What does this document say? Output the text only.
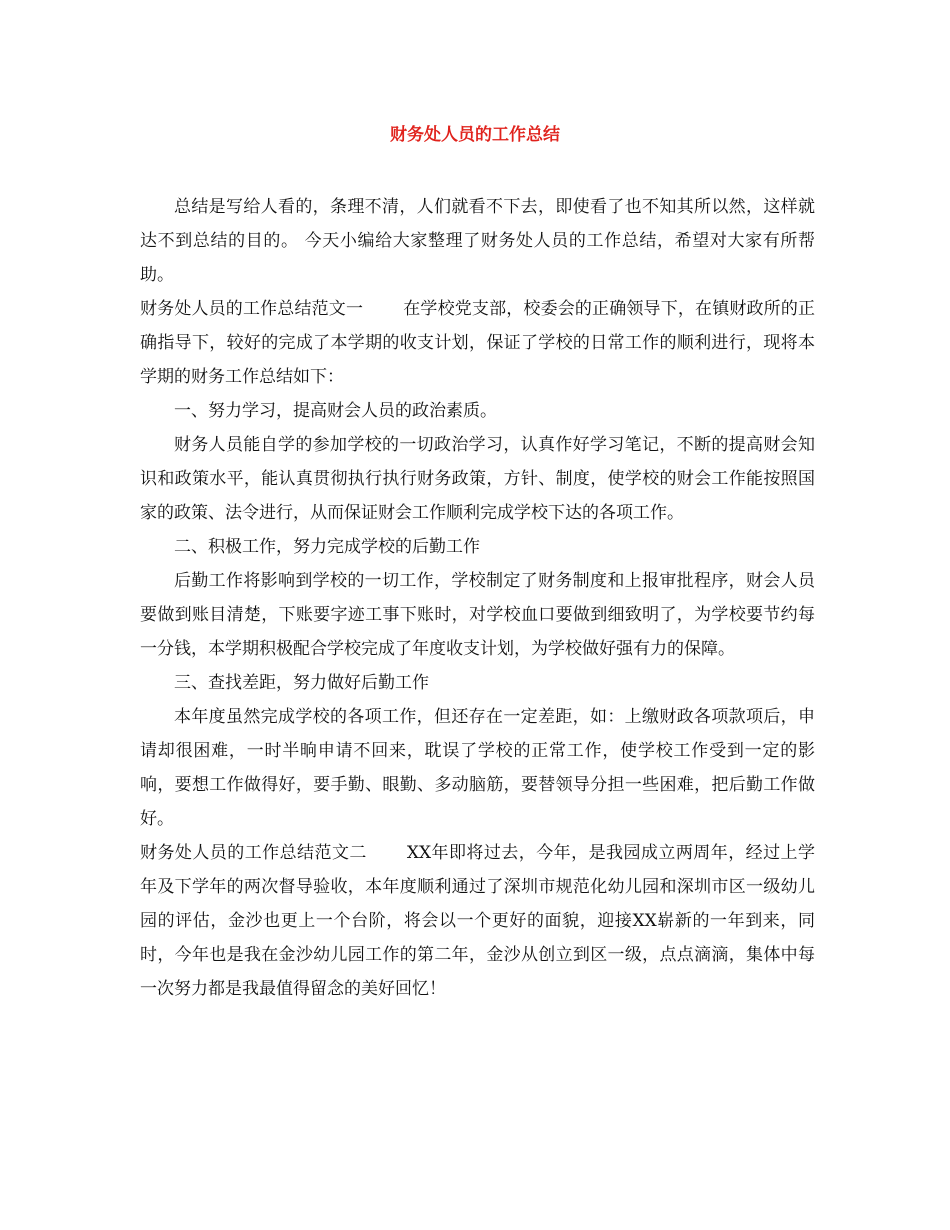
财务处人员的工作总结

总结是写给人看的，条理不清，人们就看不下去，即使看了也不知其所以然，这样就达不到总结的目的。 今天小编给大家整理了财务处人员的工作总结，希望对大家有所帮助。

财务处人员的工作总结范文一 在学校党支部，校委会的正确领导下，在镇财政所的正确指导下，较好的完成了本学期的收支计划，保证了学校的日常工作的顺利进行，现将本学期的财务工作总结如下：

一、努力学习，提高财会人员的政治素质。

财务人员能自学的参加学校的一切政治学习，认真作好学习笔记，不断的提高财会知识和政策水平，能认真贯彻执行执行财务政策，方针、制度，使学校的财会工作能按照国家的政策、法令进行，从而保证财会工作顺利完成学校下达的各项工作。

二、积极工作，努力完成学校的后勤工作

后勤工作将影响到学校的一切工作，学校制定了财务制度和上报审批程序，财会人员要做到账目清楚，下账要字迹工事下账时，对学校血口要做到细致明了，为学校要节约每一分钱，本学期积极配合学校完成了年度收支计划，为学校做好强有力的保障。

三、查找差距，努力做好后勤工作

本年度虽然完成学校的各项工作，但还存在一定差距，如：上缴财政各项款项后，申请却很困难，一时半晌申请不回来，耽误了学校的正常工作，使学校工作受到一定的影响，要想工作做得好，要手勤、眼勤、多动脑筋，要替领导分担一些困难，把后勤工作做好。

财务处人员的工作总结范文二 XX年即将过去，今年，是我园成立两周年，经过上学年及下学年的两次督导验收，本年度顺利通过了深圳市规范化幼儿园和深圳市区一级幼儿园的评估，金沙也更上一个台阶，将会以一个更好的面貌，迎接XX崭新的一年到来，同时，今年也是我在金沙幼儿园工作的第二年，金沙从创立到区一级，点点滴滴，集体中每一次努力都是我最值得留念的美好回忆！
